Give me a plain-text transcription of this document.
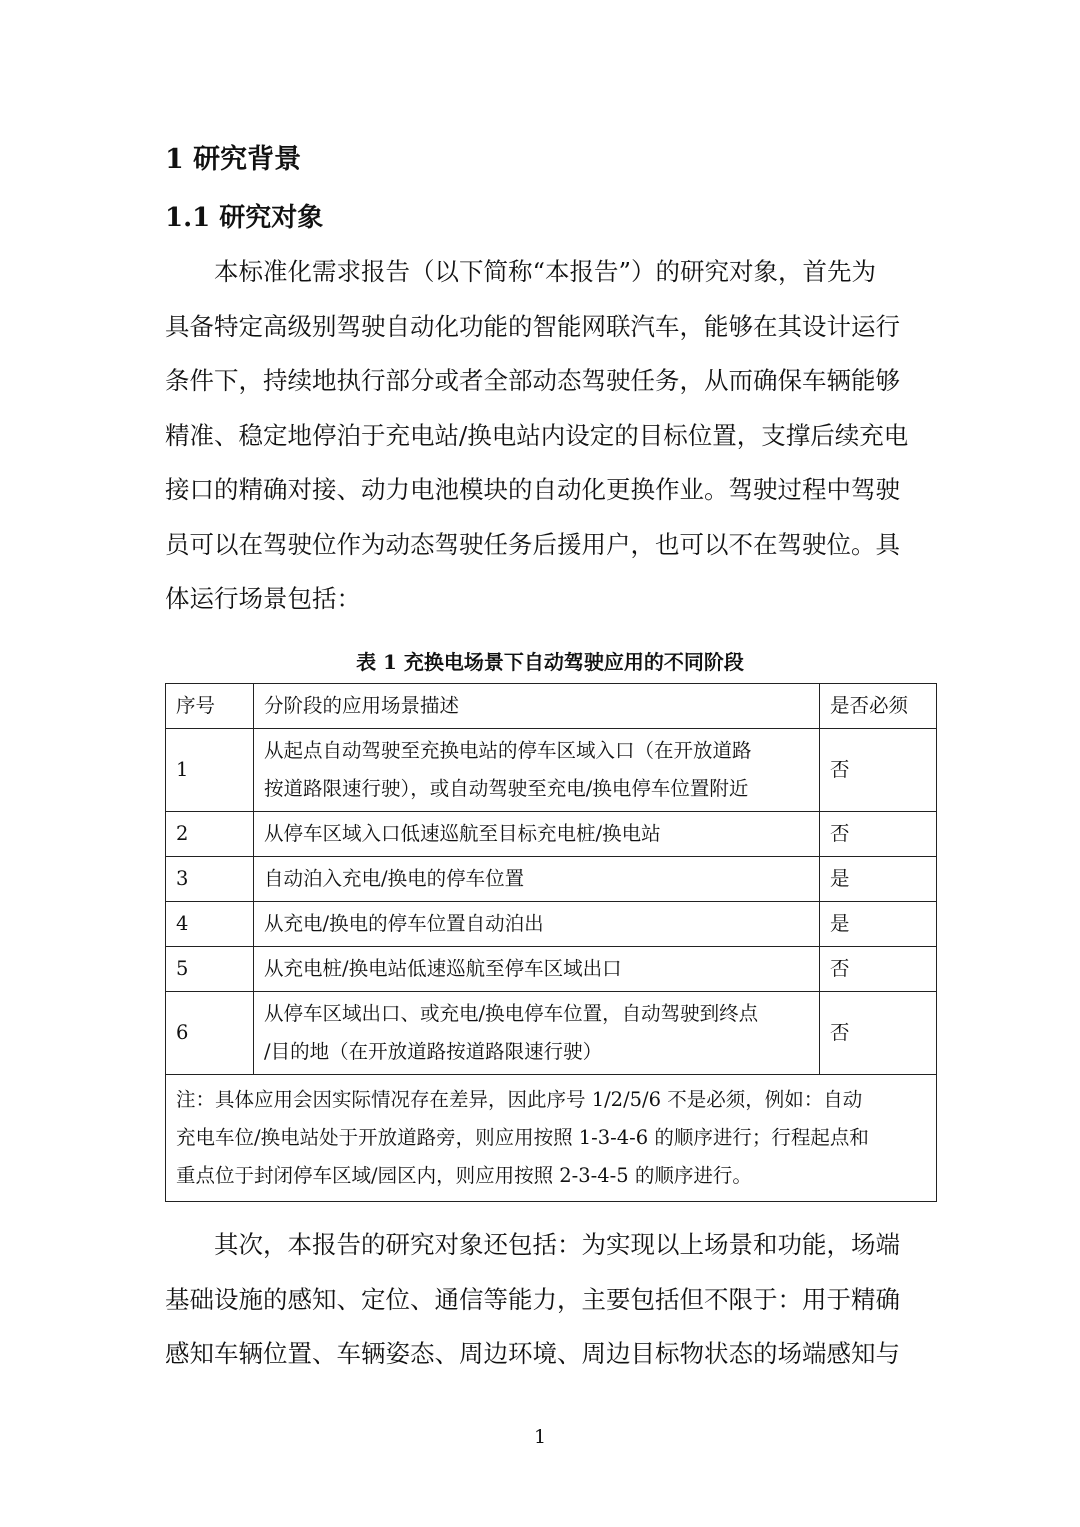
1 研究背景
1.1 研究对象
本标准化需求报告（以下简称“本报告”）的研究对象，首先为
具备特定高级别驾驶自动化功能的智能网联汽车，能够在其设计运行
条件下，持续地执行部分或者全部动态驾驶任务，从而确保车辆能够
精准、稳定地停泊于充电站/换电站内设定的目标位置，支撑后续充电
接口的精确对接、动力电池模块的自动化更换作业。驾驶过程中驾驶
员可以在驾驶位作为动态驾驶任务后援用户，也可以不在驾驶位。具
体运行场景包括：
表 1 充换电场景下自动驾驶应用的不同阶段
序号	分阶段的应用场景描述	是否必须
1	从起点自动驾驶至充换电站的停车区域入口（在开放道路
按道路限速行驶），或自动驾驶至充电/换电停车位置附近	否
2	从停车区域入口低速巡航至目标充电桩/换电站	否
3	自动泊入充电/换电的停车位置	是
4	从充电/换电的停车位置自动泊出	是
5	从充电桩/换电站低速巡航至停车区域出口	否
6	从停车区域出口、或充电/换电停车位置，自动驾驶到终点
/目的地（在开放道路按道路限速行驶）	否

注：具体应用会因实际情况存在差异，因此序号 1/2/5/6 不是必须，例如：自动
充电车位/换电站处于开放道路旁，则应用按照 1-3-4-6 的顺序进行；行程起点和
重点位于封闭停车区域/园区内，则应用按照 2-3-4-5 的顺序进行。		
其次，本报告的研究对象还包括：为实现以上场景和功能，场端
基础设施的感知、定位、通信等能力，主要包括但不限于：用于精确
感知车辆位置、车辆姿态、周边环境、周边目标物状态的场端感知与
1
